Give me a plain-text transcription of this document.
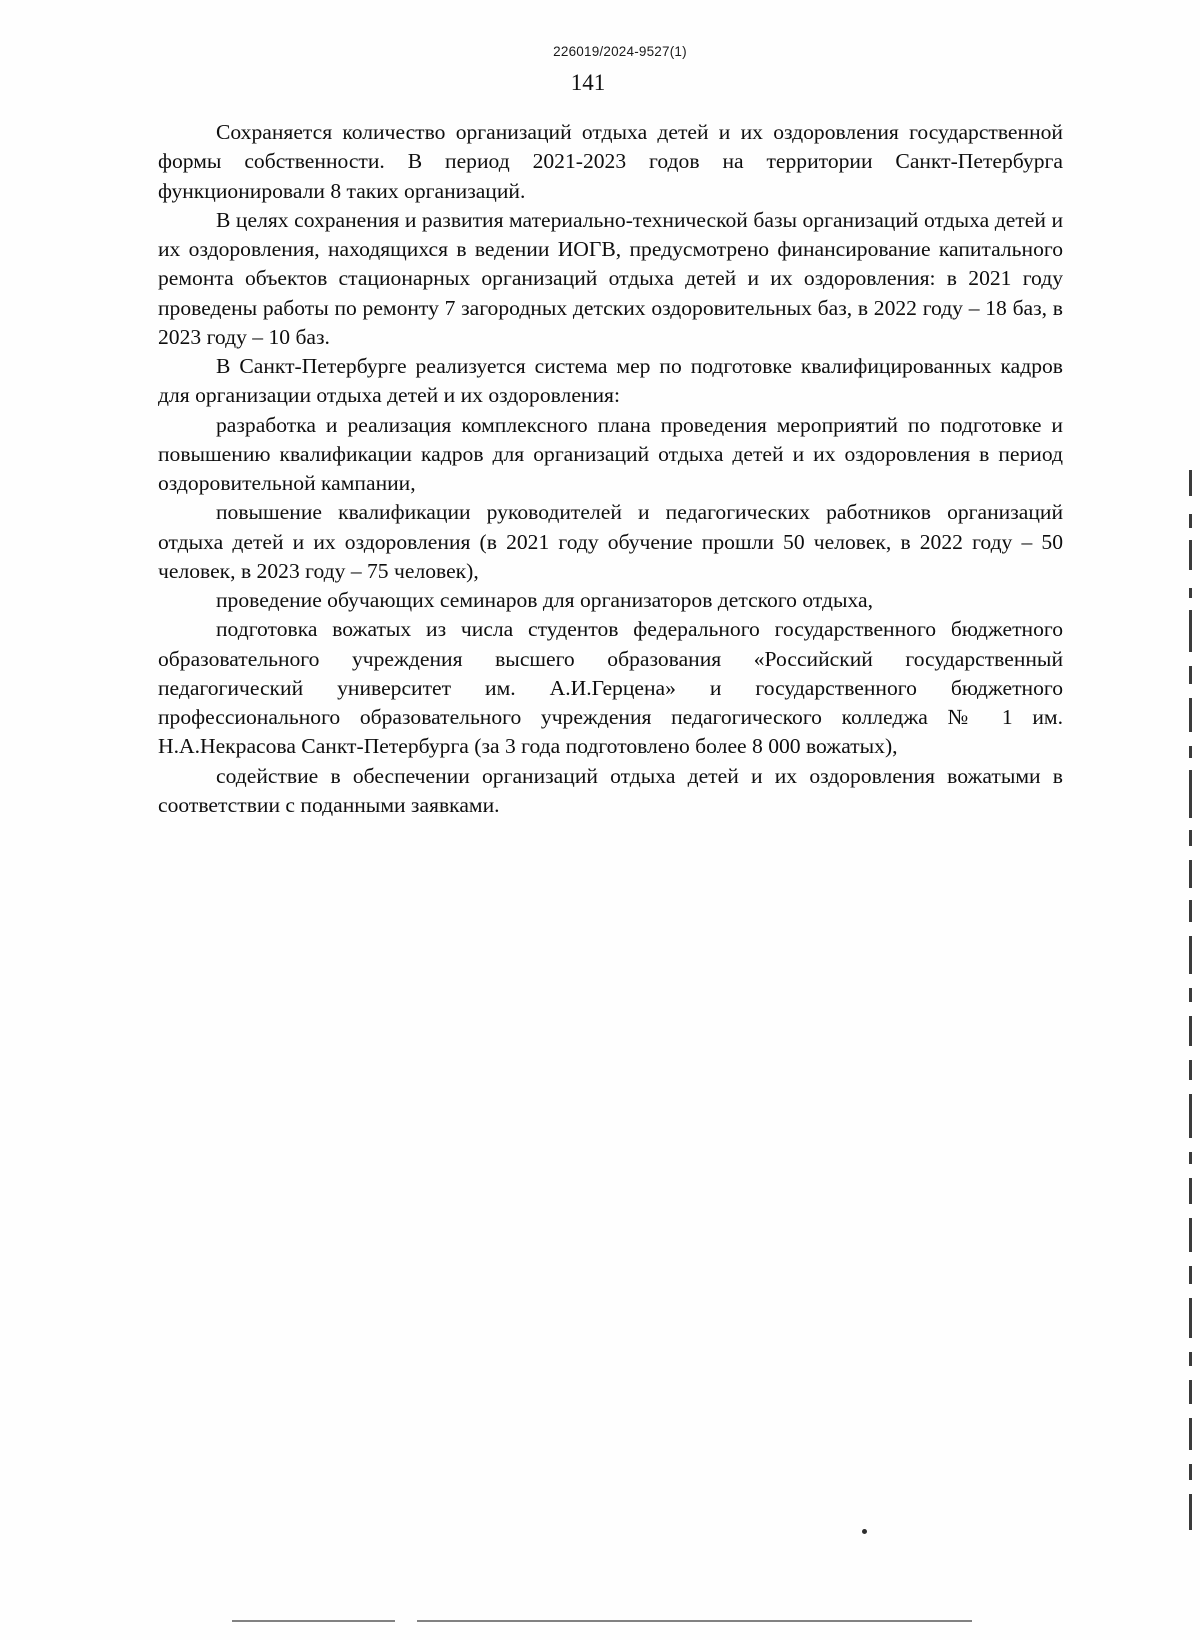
226019/2024-9527(1)
141

Сохраняется количество организаций отдыха детей и их оздоровления государственной формы собственности. В период 2021-2023 годов на территории Санкт-Петербурга функционировали 8 таких организаций.

В целях сохранения и развития материально-технической базы организаций отдыха детей и их оздоровления, находящихся в ведении ИОГВ, предусмотрено финансирование капитального ремонта объектов стационарных организаций отдыха детей и их оздоровления: в 2021 году проведены работы по ремонту 7 загородных детских оздоровительных баз, в 2022 году – 18 баз, в 2023 году – 10 баз.

В Санкт-Петербурге реализуется система мер по подготовке квалифицированных кадров для организации отдыха детей и их оздоровления:

разработка и реализация комплексного плана проведения мероприятий по подготовке и повышению квалификации кадров для организаций отдыха детей и их оздоровления в период оздоровительной кампании,

повышение квалификации руководителей и педагогических работников организаций отдыха детей и их оздоровления (в 2021 году обучение прошли 50 человек, в 2022 году – 50 человек, в 2023 году – 75 человек),

проведение обучающих семинаров для организаторов детского отдыха,

подготовка вожатых из числа студентов федерального государственного бюджетного образовательного учреждения высшего образования «Российский государственный педагогический университет им. А.И.Герцена» и государственного бюджетного профессионального образовательного учреждения педагогического колледжа № 1 им. Н.А.Некрасова Санкт-Петербурга (за 3 года подготовлено более 8 000 вожатых),

содействие в обеспечении организаций отдыха детей и их оздоровления вожатыми в соответствии с поданными заявками.
